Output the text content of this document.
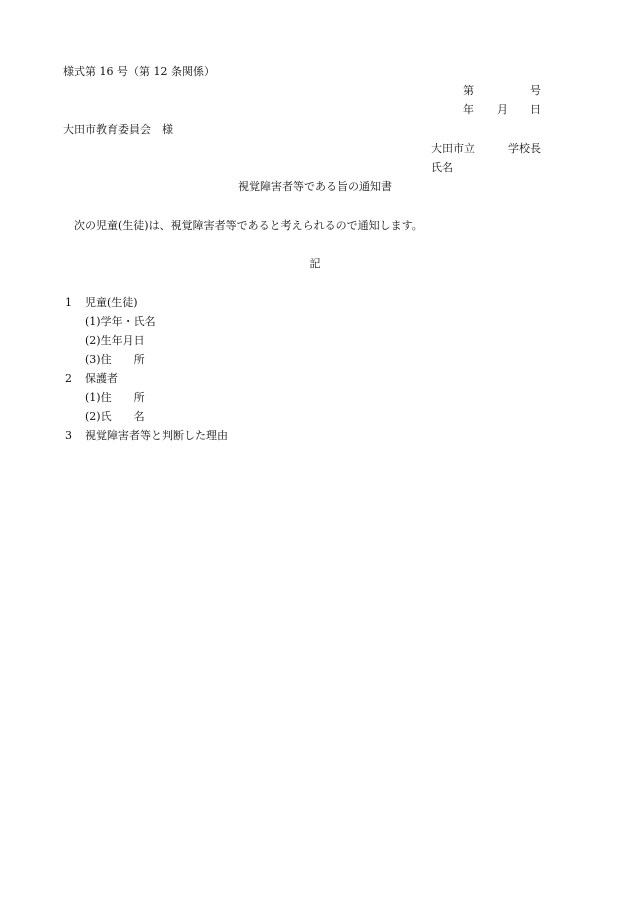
様式第 16 号（第 12 条関係）
第	号
年 月 日
大田市教育委員会　様
大田市立	学校長
氏名
視覚障害者等である旨の通知書
次の児童(生徒)は、視覚障害者等であると考えられるので通知します。
記
1 児童(生徒)
(1)学年・氏名
(2)生年月日
(3)住　　所
2 保護者
(1)住　　所
(2)氏　　名
3 視覚障害者等と判断した理由
